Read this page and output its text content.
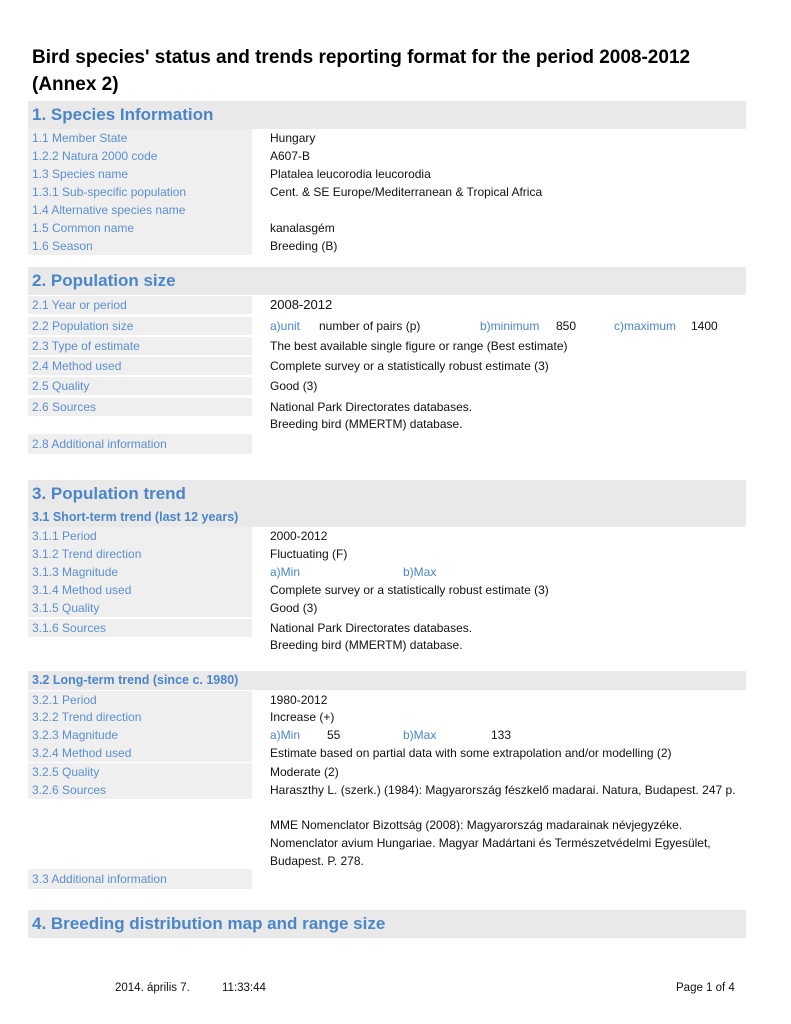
Bird species' status and trends reporting format for the period 2008-2012
(Annex 2)
1. Species Information
1.1 Member State	Hungary
1.2.2 Natura 2000 code	A607-B
1.3 Species name	Platalea leucorodia leucorodia
1.3.1 Sub-specific population	Cent. & SE Europe/Mediterranean & Tropical Africa
1.4 Alternative species name
1.5 Common name	kanalasgém
1.6 Season	Breeding (B)
2. Population size
2.1 Year or period	2008-2012
2.2 Population size	a)unit number of pairs (p)	b)minimum 850	c)maximum 1400
2.3 Type of estimate	The best available single figure or range (Best estimate)
2.4 Method used	Complete survey or a statistically robust estimate (3)
2.5 Quality	Good (3)
2.6 Sources	National Park Directorates databases.
Breeding bird (MMERTM) database.
2.8 Additional information
3. Population trend
3.1 Short-term trend (last 12 years)
3.1.1 Period	2000-2012
3.1.2 Trend direction	Fluctuating (F)
3.1.3 Magnitude	a)Min	b)Max
3.1.4 Method used	Complete survey or a statistically robust estimate (3)
3.1.5 Quality	Good (3)
3.1.6 Sources	National Park Directorates databases.
Breeding bird (MMERTM) database.
3.2 Long-term trend (since c. 1980)
3.2.1 Period	1980-2012
3.2.2 Trend direction	Increase (+)
3.2.3 Magnitude	a)Min 55	b)Max	133
3.2.4 Method used	Estimate based on partial data with some extrapolation and/or modelling (2)
3.2.5 Quality	Moderate (2)
3.2.6 Sources	Haraszthy L. (szerk.) (1984): Magyarország fészkelő madarai. Natura, Budapest. 247 p.
MME Nomenclator Bizottság (2008): Magyarország madarainak névjegyzéke. Nomenclator avium Hungariae. Magyar Madártani és Természetvédelmi Egyesület, Budapest. P. 278.
3.3 Additional information
4. Breeding distribution map and range size
2014. április 7.	11:33:44	Page 1 of 4
